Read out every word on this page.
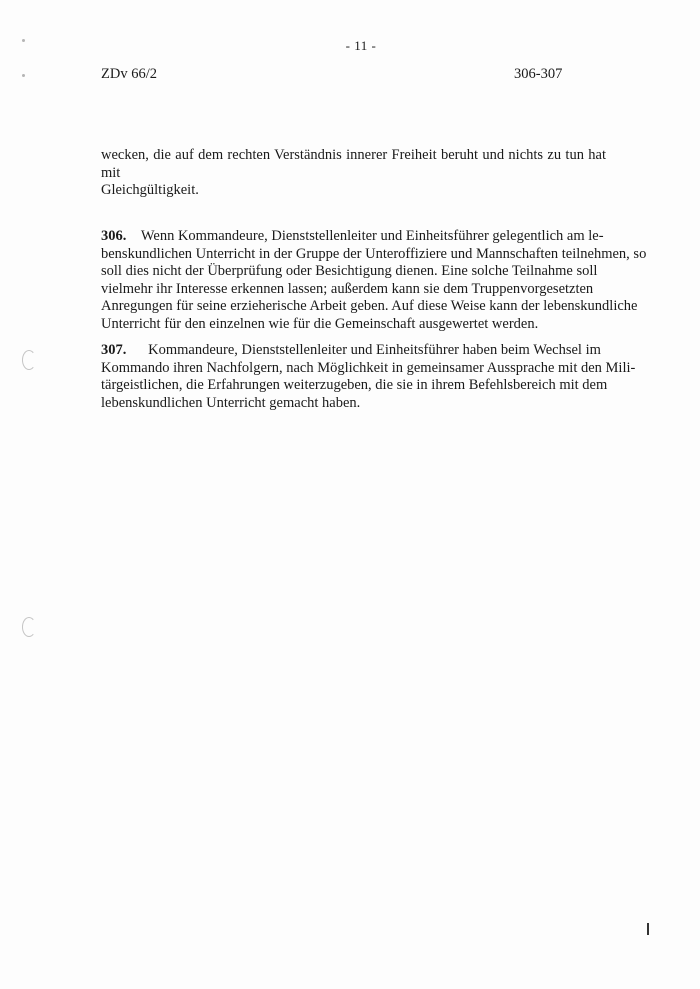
- 11 -
ZDv 66/2	306-307
wecken, die auf dem rechten Verständnis innerer Freiheit beruht und nichts zu tun hat mit
Gleichgültigkeit.
306. Wenn Kommandeure, Dienststellenleiter und Einheitsführer gelegentlich am le-
benskundlichen Unterricht in der Gruppe der Unteroffiziere und Mannschaften teilnehmen, so
soll dies nicht der Überprüfung oder Besichtigung dienen. Eine solche Teilnahme soll
vielmehr ihr Interesse erkennen lassen; außerdem kann sie dem Truppenvorgesetzten
Anregungen für seine erzieherische Arbeit geben. Auf diese Weise kann der lebenskundliche
Unterricht für den einzelnen wie für die Gemeinschaft ausgewertet werden.
307. Kommandeure, Dienststellenleiter und Einheitsführer haben beim Wechsel im
Kommando ihren Nachfolgern, nach Möglichkeit in gemeinsamer Aussprache mit den Mili-
tärgeistlichen, die Erfahrungen weiterzugeben, die sie in ihrem Befehlsbereich mit dem
lebenskundlichen Unterricht gemacht haben.
